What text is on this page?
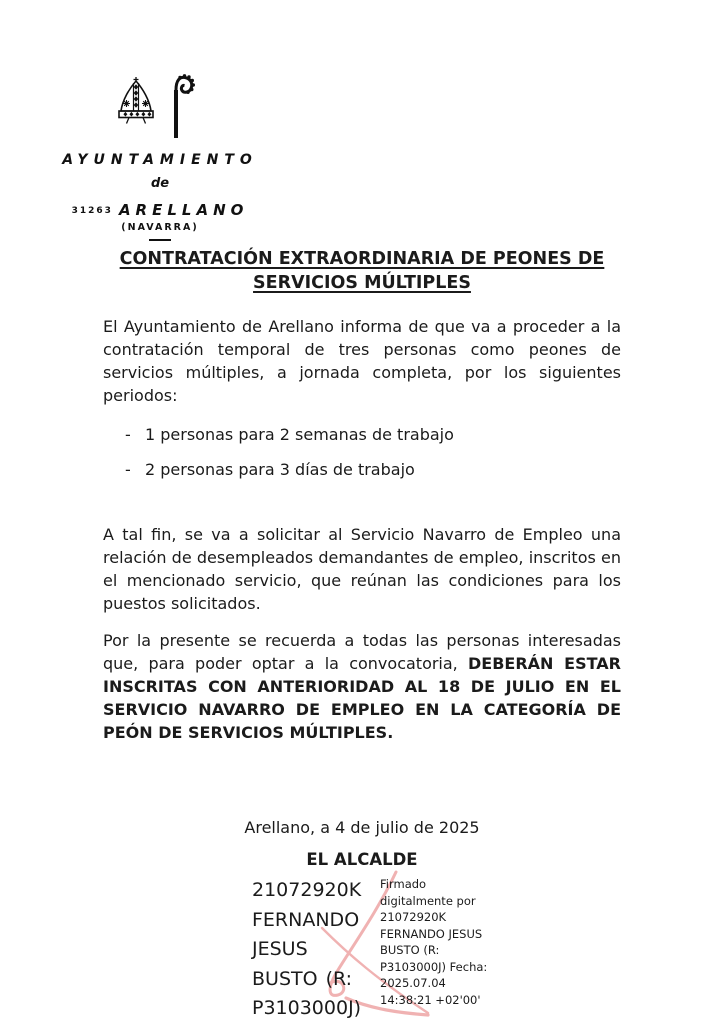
AYUNTAMIENTO
de
31263 ARELLANO
(NAVARRA)
CONTRATACIÓN EXTRAORDINARIA DE PEONES DE
SERVICIOS MÚLTIPLES

El Ayuntamiento de Arellano informa de que va a proceder a la contratación temporal de tres personas como peones de servicios múltiples, a jornada completa, por los siguientes periodos:

- 1 personas para 2 semanas de trabajo
- 2 personas para 3 días de trabajo

A tal fin, se va a solicitar al Servicio Navarro de Empleo una relación de desempleados demandantes de empleo, inscritos en el mencionado servicio, que reúnan las condiciones para los puestos solicitados.

Por la presente se recuerda a todas las personas interesadas que, para poder optar a la convocatoria, DEBERÁN ESTAR INSCRITAS CON ANTERIORIDAD AL 18 DE JULIO EN EL SERVICIO NAVARRO DE EMPLEO EN LA CATEGORÍA DE PEÓN DE SERVICIOS MÚLTIPLES.

Arellano, a 4 de julio de 2025
EL ALCALDE
21072920K FERNANDO JESUS BUSTO (R: P3103000J)
Firmado digitalmente por 21072920K FERNANDO JESUS BUSTO (R: P3103000J) Fecha: 2025.07.04 14:38:21 +02'00'
